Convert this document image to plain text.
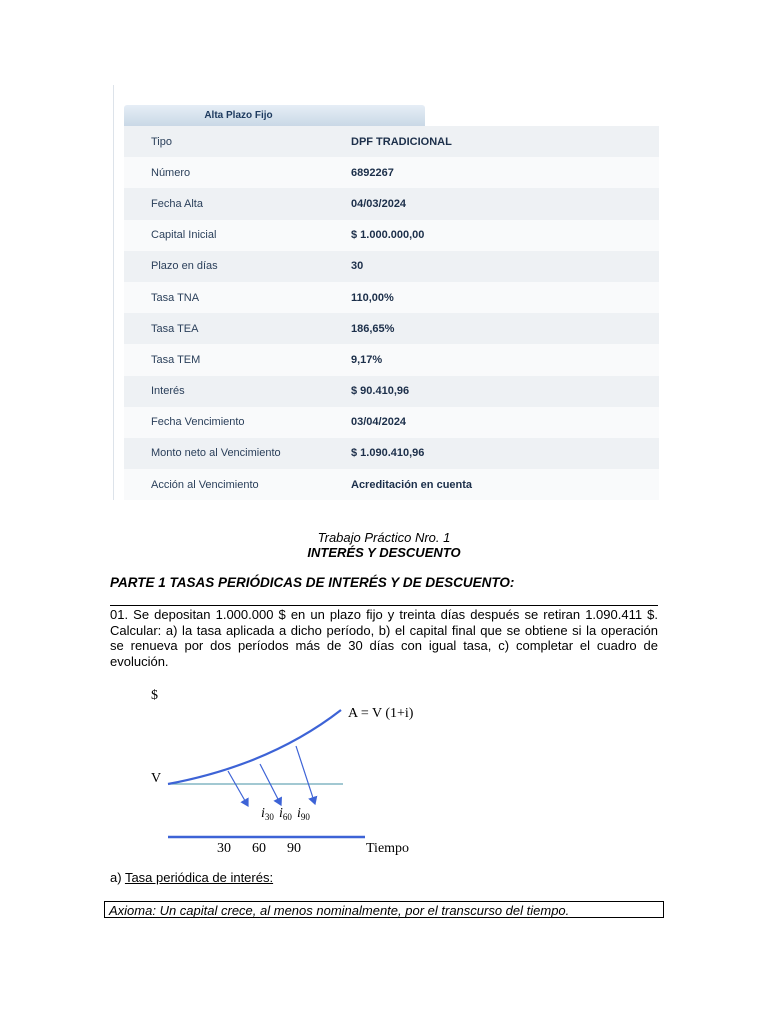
Alta Plazo Fijo
Tipo	DPF TRADICIONAL
Número	6892267
Fecha Alta	04/03/2024
Capital Inicial	$ 1.000.000,00
Plazo en días	30
Tasa TNA	110,00%
Tasa TEA	186,65%
Tasa TEM	9,17%
Interés	$ 90.410,96
Fecha Vencimiento	03/04/2024
Monto neto al Vencimiento	$ 1.090.410,96
Acción al Vencimiento	Acreditación en cuenta
Trabajo Práctico Nro. 1
INTERÉS Y DESCUENTO
PARTE 1 TASAS PERIÓDICAS DE INTERÉS Y DE DESCUENTO:
01. Se depositan 1.000.000 $ en un plazo fijo y treinta días después se retiran 1.090.411 $. Calcular: a) la tasa aplicada a dicho período, b) el capital final que se obtiene si la operación se renueva por dos períodos más de 30 días con igual tasa, c) completar el cuadro de evolución.
$
A = V (1+i)
V
$i_{30}$ $i_{60}$ $i_{90}$
30 60 90	Tiempo
a) Tasa periódica de interés:
Axioma: Un capital crece, al menos nominalmente, por el transcurso del tiempo.
